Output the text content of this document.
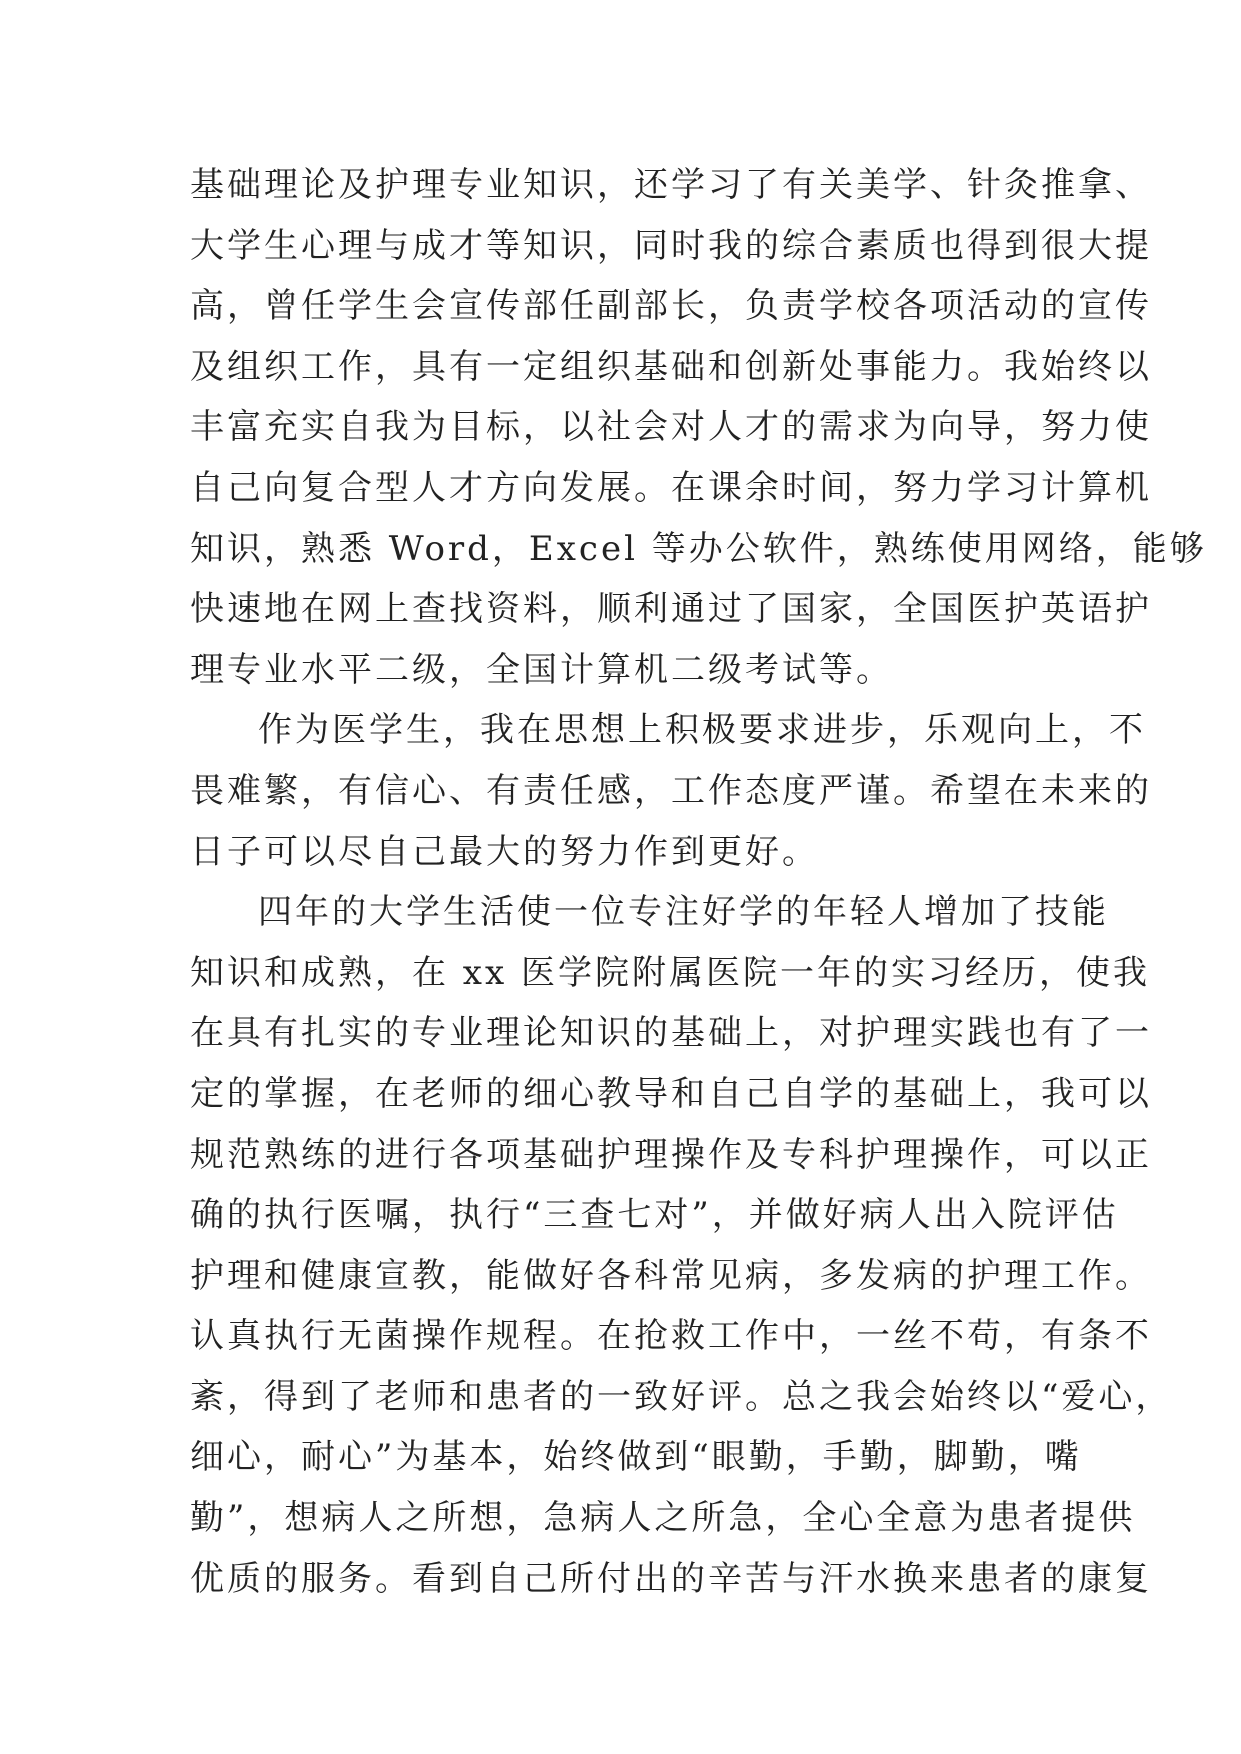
基础理论及护理专业知识，还学习了有关美学、针灸推拿、
大学生心理与成才等知识，同时我的综合素质也得到很大提
高，曾任学生会宣传部任副部长，负责学校各项活动的宣传
及组织工作，具有一定组织基础和创新处事能力。我始终以
丰富充实自我为目标，以社会对人才的需求为向导，努力使
自己向复合型人才方向发展。在课余时间，努力学习计算机
知识，熟悉 Word，Excel 等办公软件，熟练使用网络，能够
快速地在网上查找资料，顺利通过了国家，全国医护英语护
理专业水平二级，全国计算机二级考试等。
作为医学生，我在思想上积极要求进步，乐观向上，不
畏难繁，有信心、有责任感，工作态度严谨。希望在未来的
日子可以尽自己最大的努力作到更好。
四年的大学生活使一位专注好学的年轻人增加了技能
知识和成熟，在 xx 医学院附属医院一年的实习经历，使我
在具有扎实的专业理论知识的基础上，对护理实践也有了一
定的掌握，在老师的细心教导和自己自学的基础上，我可以
规范熟练的进行各项基础护理操作及专科护理操作，可以正
确的执行医嘱，执行“三查七对”，并做好病人出入院评估
护理和健康宣教，能做好各科常见病，多发病的护理工作。
认真执行无菌操作规程。在抢救工作中，一丝不苟，有条不
紊，得到了老师和患者的一致好评。总之我会始终以“爱心，
细心，耐心”为基本，始终做到“眼勤，手勤，脚勤，嘴
勤”，想病人之所想，急病人之所急，全心全意为患者提供
优质的服务。看到自己所付出的辛苦与汗水换来患者的康复
